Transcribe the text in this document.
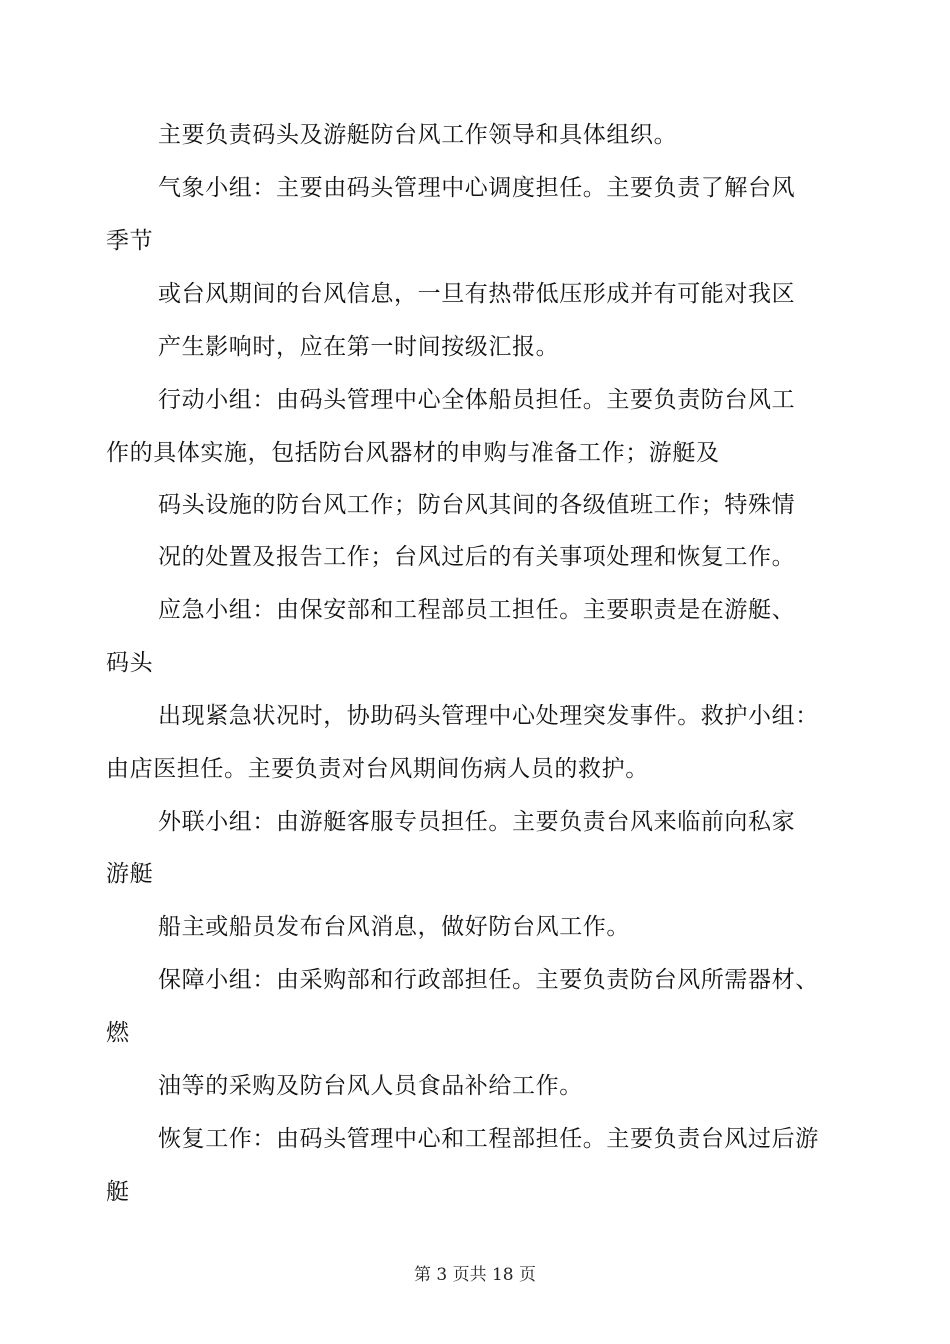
主要负责码头及游艇防台风工作领导和具体组织。
气象小组：主要由码头管理中心调度担任。主要负责了解台风
季节
或台风期间的台风信息，一旦有热带低压形成并有可能对我区
产生影响时，应在第一时间按级汇报。
行动小组：由码头管理中心全体船员担任。主要负责防台风工
作的具体实施，包括防台风器材的申购与准备工作；游艇及
码头设施的防台风工作；防台风其间的各级值班工作；特殊情
况的处置及报告工作；台风过后的有关事项处理和恢复工作。
应急小组：由保安部和工程部员工担任。主要职责是在游艇、
码头
出现紧急状况时，协助码头管理中心处理突发事件。救护小组：
由店医担任。主要负责对台风期间伤病人员的救护。
外联小组：由游艇客服专员担任。主要负责台风来临前向私家
游艇
船主或船员发布台风消息，做好防台风工作。
保障小组：由采购部和行政部担任。主要负责防台风所需器材、
燃
油等的采购及防台风人员食品补给工作。
恢复工作：由码头管理中心和工程部担任。主要负责台风过后游
艇
第 3 页共 18 页
